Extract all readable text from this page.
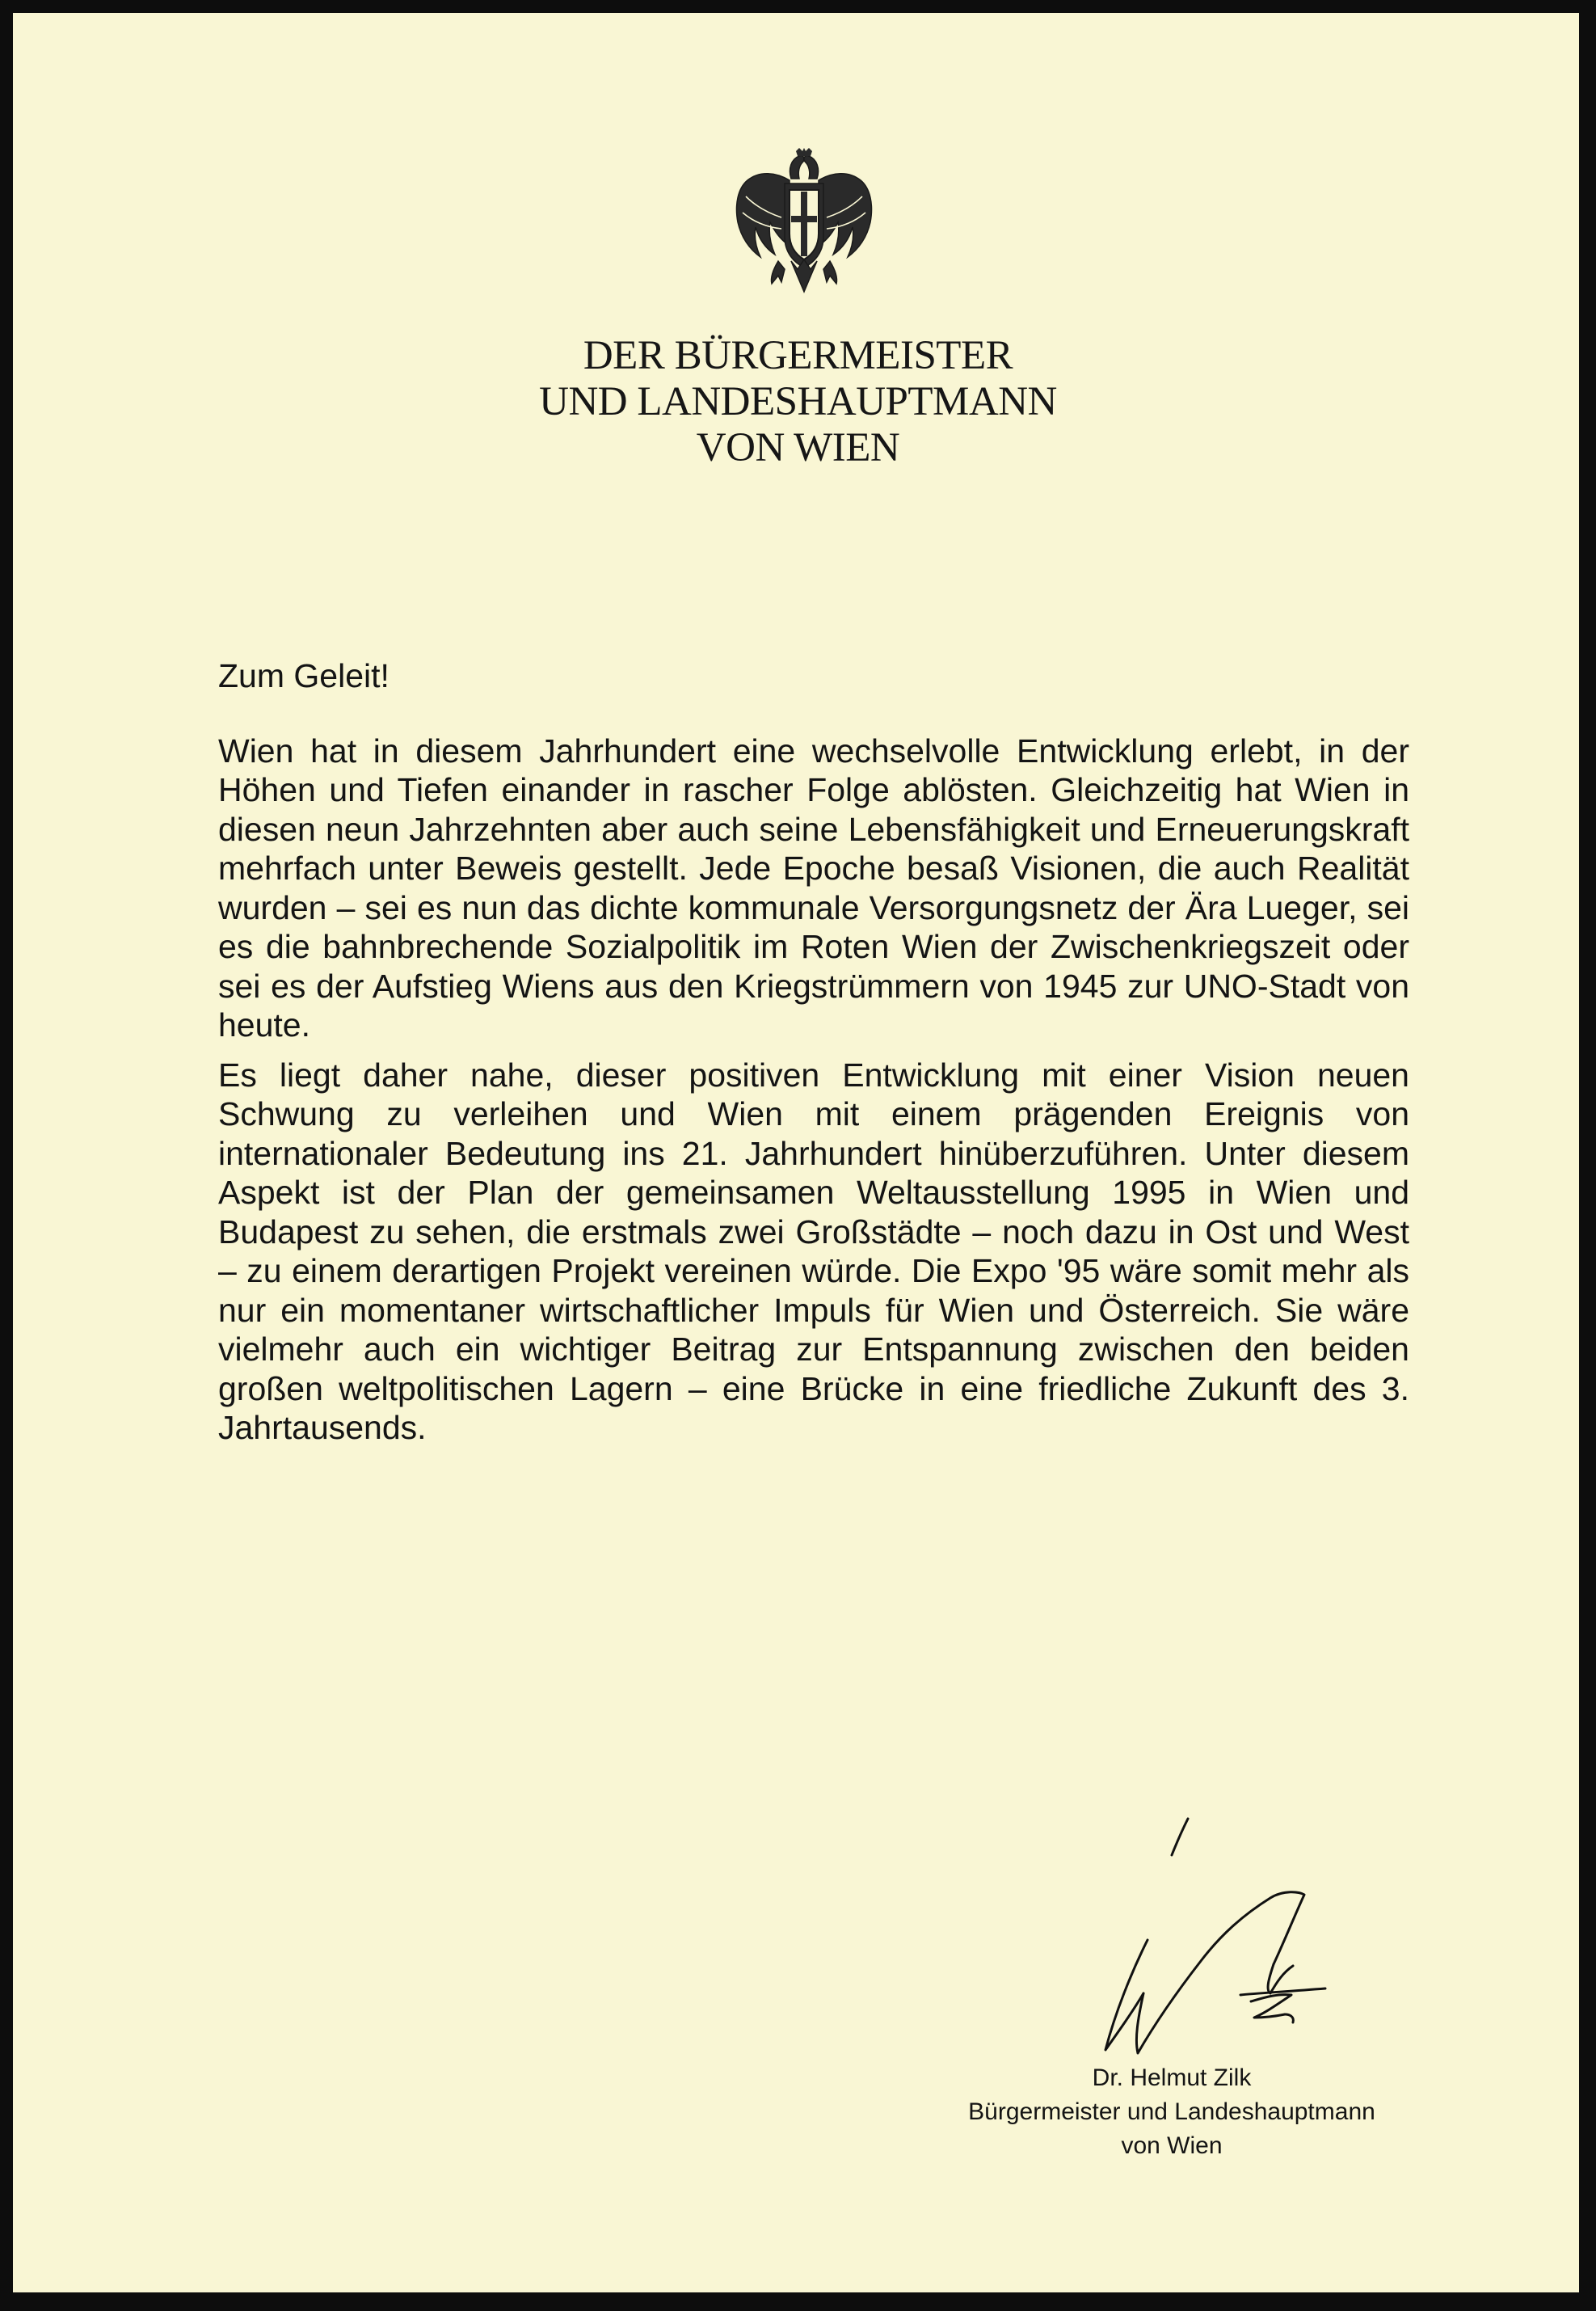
DER BÜRGERMEISTER
UND LANDESHAUPTMANN
VON WIEN

Zum Geleit!

Wien hat in diesem Jahrhundert eine wechselvolle Entwicklung erlebt, in der Höhen und Tiefen einander in rascher Folge ablösten. Gleichzeitig hat Wien in diesen neun Jahrzehnten aber auch seine Lebensfähigkeit und Erneuerungskraft mehrfach unter Beweis gestellt. Jede Epoche besaß Visionen, die auch Realität wurden – sei es nun das dichte kommunale Versorgungsnetz der Ära Lueger, sei es die bahnbrechende Sozialpolitik im Roten Wien der Zwischenkriegszeit oder sei es der Aufstieg Wiens aus den Kriegstrümmern von 1945 zur UNO-Stadt von heute.

Es liegt daher nahe, dieser positiven Entwicklung mit einer Vision neuen Schwung zu verleihen und Wien mit einem prägenden Ereignis von internationaler Bedeutung ins 21. Jahrhundert hinüberzuführen. Unter diesem Aspekt ist der Plan der gemeinsamen Weltausstellung 1995 in Wien und Budapest zu sehen, die erstmals zwei Großstädte – noch dazu in Ost und West – zu einem derartigen Projekt vereinen würde. Die Expo '95 wäre somit mehr als nur ein momentaner wirtschaftlicher Impuls für Wien und Österreich. Sie wäre vielmehr auch ein wichtiger Beitrag zur Entspannung zwischen den beiden großen weltpolitischen Lagern – eine Brücke in eine friedliche Zukunft des 3. Jahrtausends.

Dr. Helmut Zilk
Bürgermeister und Landeshauptmann
von Wien
